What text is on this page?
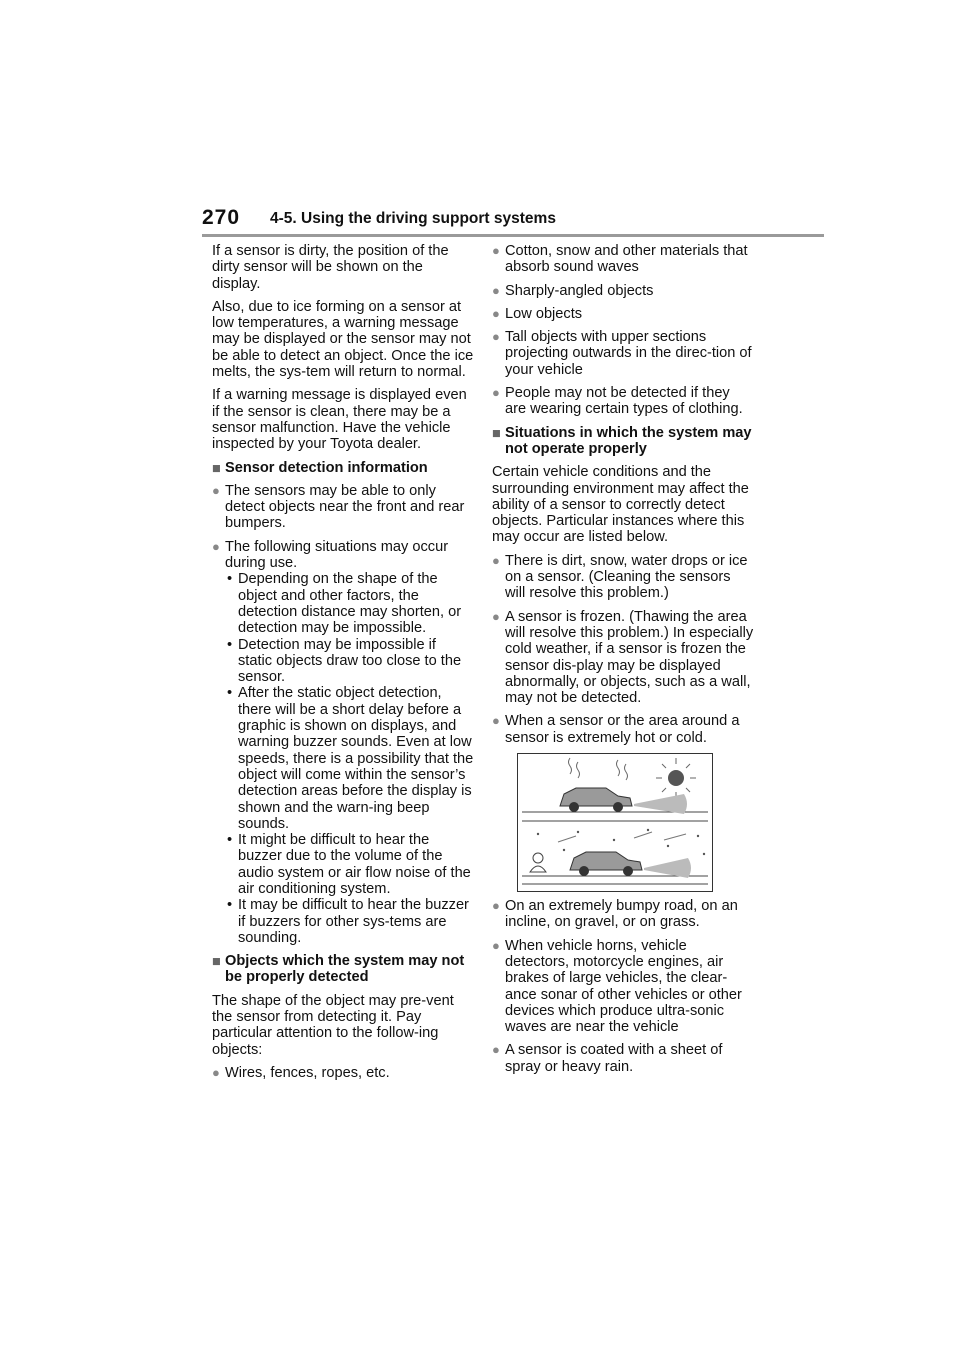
270 4-5. Using the driving support systems

If a sensor is dirty, the position of the dirty sensor will be shown on the display.

Also, due to ice forming on a sensor at low temperatures, a warning message may be displayed or the sensor may not be able to detect an object. Once the ice melts, the sys-tem will return to normal.

If a warning message is displayed even if the sensor is clean, there may be a sensor malfunction. Have the vehicle inspected by your Toyota dealer.

■ Sensor detection information
● The sensors may be able to only detect objects near the front and rear bumpers.
● The following situations may occur during use.
• Depending on the shape of the object and other factors, the detection distance may shorten, or detection may be impossible.
• Detection may be impossible if static objects draw too close to the sensor.
• After the static object detection, there will be a short delay before a graphic is shown on displays, and warning buzzer sounds. Even at low speeds, there is a possibility that the object will come within the sensor’s detection areas before the display is shown and the warn-ing beep sounds.
• It might be difficult to hear the buzzer due to the volume of the audio system or air flow noise of the air conditioning system.
• It may be difficult to hear the buzzer if buzzers for other sys-tems are sounding.
■ Objects which the system may not be properly detected

The shape of the object may pre-vent the sensor from detecting it. Pay particular attention to the follow-ing objects:

● Wires, fences, ropes, etc.
● Cotton, snow and other materials that absorb sound waves
● Sharply-angled objects
● Low objects
● Tall objects with upper sections projecting outwards in the direc-tion of your vehicle
● People may not be detected if they are wearing certain types of clothing.
■ Situations in which the system may not operate properly

Certain vehicle conditions and the surrounding environment may affect the ability of a sensor to correctly detect objects. Particular instances where this may occur are listed below.

● There is dirt, snow, water drops or ice on a sensor. (Cleaning the sensors will resolve this problem.)
● A sensor is frozen. (Thawing the area will resolve this problem.) In especially cold weather, if a sensor is frozen the sensor dis-play may be displayed abnormally, or objects, such as a wall, may not be detected.
● When a sensor or the area around a sensor is extremely hot or cold.
● On an extremely bumpy road, on an incline, on gravel, or on grass.
● When vehicle horns, vehicle detectors, motorcycle engines, air brakes of large vehicles, the clear-ance sonar of other vehicles or other devices which produce ultra-sonic waves are near the vehicle
● A sensor is coated with a sheet of spray or heavy rain.
